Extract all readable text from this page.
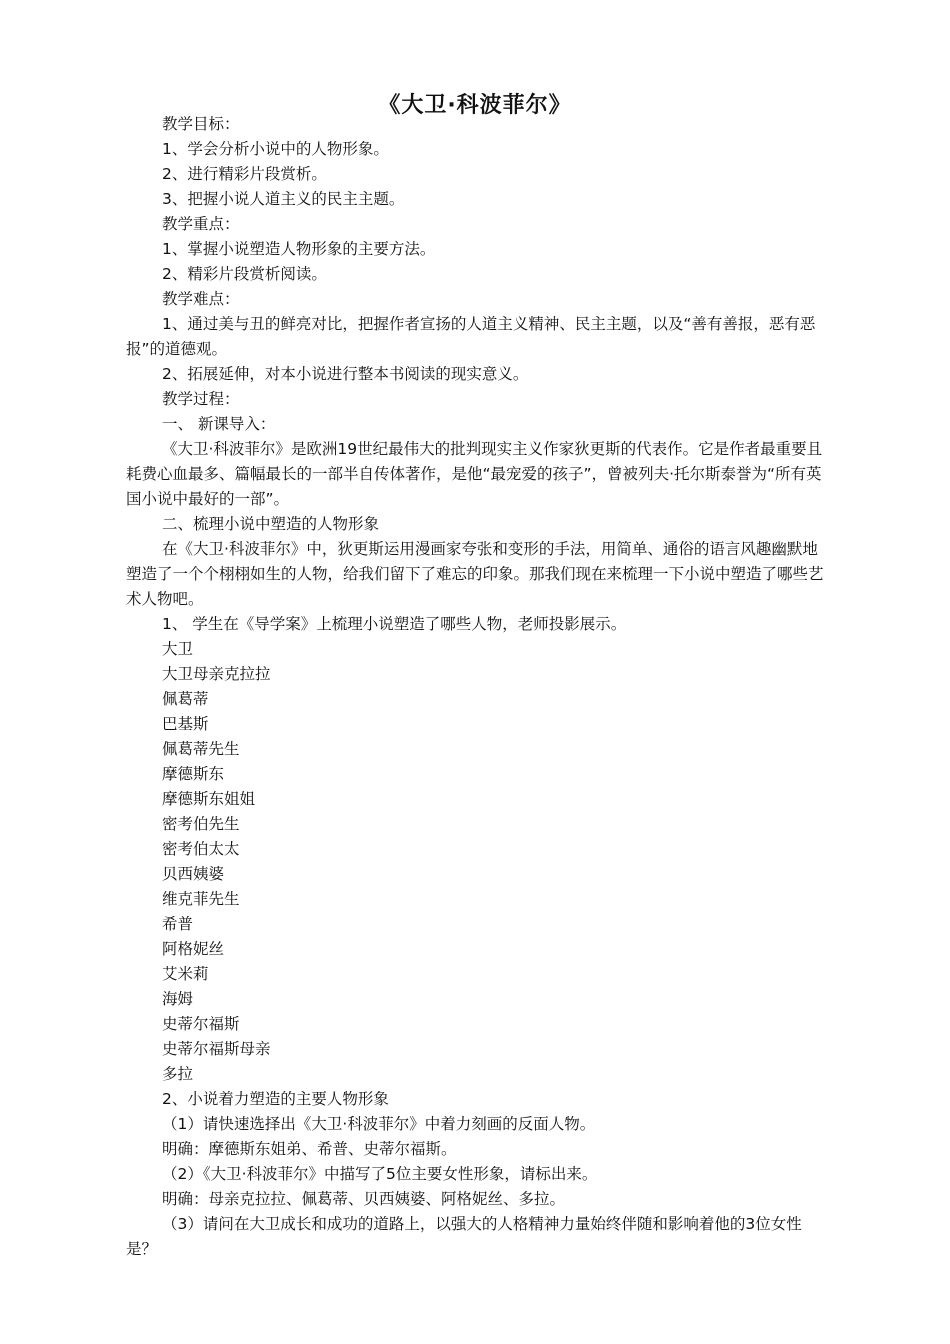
《大卫·科波菲尔》

教学目标：

1、学会分析小说中的人物形象。

2、进行精彩片段赏析。

3、把握小说人道主义的民主主题。

教学重点：

1、掌握小说塑造人物形象的主要方法。

2、精彩片段赏析阅读。

教学难点：

1、通过美与丑的鲜亮对比，把握作者宣扬的人道主义精神、民主主题，以及“善有善报，恶有恶报”的道德观。

2、拓展延伸，对本小说进行整本书阅读的现实意义。

教学过程：

一、 新课导入：

《大卫·科波菲尔》是欧洲19世纪最伟大的批判现实主义作家狄更斯的代表作。它是作者最重要且耗费心血最多、篇幅最长的一部半自传体著作，是他“最宠爱的孩子”，曾被列夫·托尔斯泰誉为“所有英国小说中最好的一部”。

二、梳理小说中塑造的人物形象

在《大卫·科波菲尔》中，狄更斯运用漫画家夸张和变形的手法，用简单、通俗的语言风趣幽默地塑造了一个个栩栩如生的人物，给我们留下了难忘的印象。那我们现在来梳理一下小说中塑造了哪些艺术人物吧。

1、 学生在《导学案》上梳理小说塑造了哪些人物，老师投影展示。

大卫

大卫母亲克拉拉

佩葛蒂

巴基斯

佩葛蒂先生

摩德斯东

摩德斯东姐姐

密考伯先生

密考伯太太

贝西姨婆

维克菲先生

希普

阿格妮丝

艾米莉

海姆

史蒂尔福斯

史蒂尔福斯母亲

多拉

2、小说着力塑造的主要人物形象

（1）请快速选择出《大卫·科波菲尔》中着力刻画的反面人物。

明确：摩德斯东姐弟、希普、史蒂尔福斯。

（2）《大卫·科波菲尔》中描写了5位主要女性形象，请标出来。

明确：母亲克拉拉、佩葛蒂、贝西姨婆、阿格妮丝、多拉。

（3）请问在大卫成长和成功的道路上，以强大的人格精神力量始终伴随和影响着他的3位女性是？
